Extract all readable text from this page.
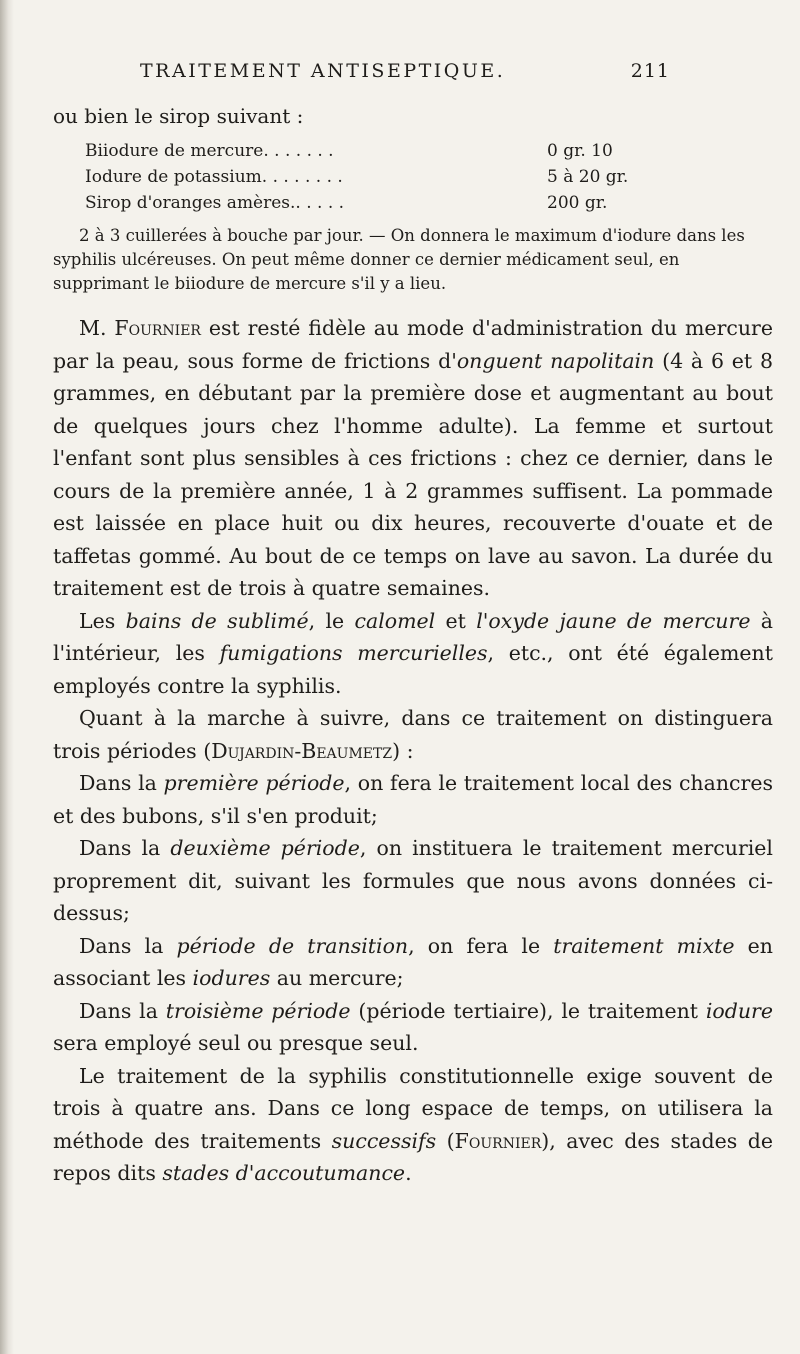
TRAITEMENT ANTISEPTIQUE.	211

ou bien le sirop suivant :

Biiodure de mercure. . . . . . .	0 gr. 10
Iodure de potassium. . . . . . . .	5 à 20 gr.
Sirop d'oranges amères.. . . . .	200 gr.

2 à 3 cuillerées à bouche par jour. — On donnera le maximum d'iodure dans les syphilis ulcéreuses. On peut même donner ce dernier médicament seul, en supprimant le biiodure de mercure s'il y a lieu.

M. Fournier est resté fidèle au mode d'administration du mercure par la peau, sous forme de frictions d'onguent napolitain (4 à 6 et 8 grammes, en débutant par la première dose et augmentant au bout de quelques jours chez l'homme adulte). La femme et surtout l'enfant sont plus sensibles à ces frictions : chez ce dernier, dans le cours de la première année, 1 à 2 grammes suffisent. La pommade est laissée en place huit ou dix heures, recouverte d'ouate et de taffetas gommé. Au bout de ce temps on lave au savon. La durée du traitement est de trois à quatre semaines.

Les bains de sublimé, le calomel et l'oxyde jaune de mercure à l'intérieur, les fumigations mercurielles, etc., ont été également employés contre la syphilis.

Quant à la marche à suivre, dans ce traitement on distinguera trois périodes (Dujardin-Beaumetz) :

Dans la première période, on fera le traitement local des chancres et des bubons, s'il s'en produit;

Dans la deuxième période, on instituera le traitement mercuriel proprement dit, suivant les formules que nous avons données ci-dessus;

Dans la période de transition, on fera le traitement mixte en associant les iodures au mercure;

Dans la troisième période (période tertiaire), le traitement iodure sera employé seul ou presque seul.

Le traitement de la syphilis constitutionnelle exige souvent de trois à quatre ans. Dans ce long espace de temps, on utilisera la méthode des traitements successifs (Fournier), avec des stades de repos dits stades d'accoutumance.
